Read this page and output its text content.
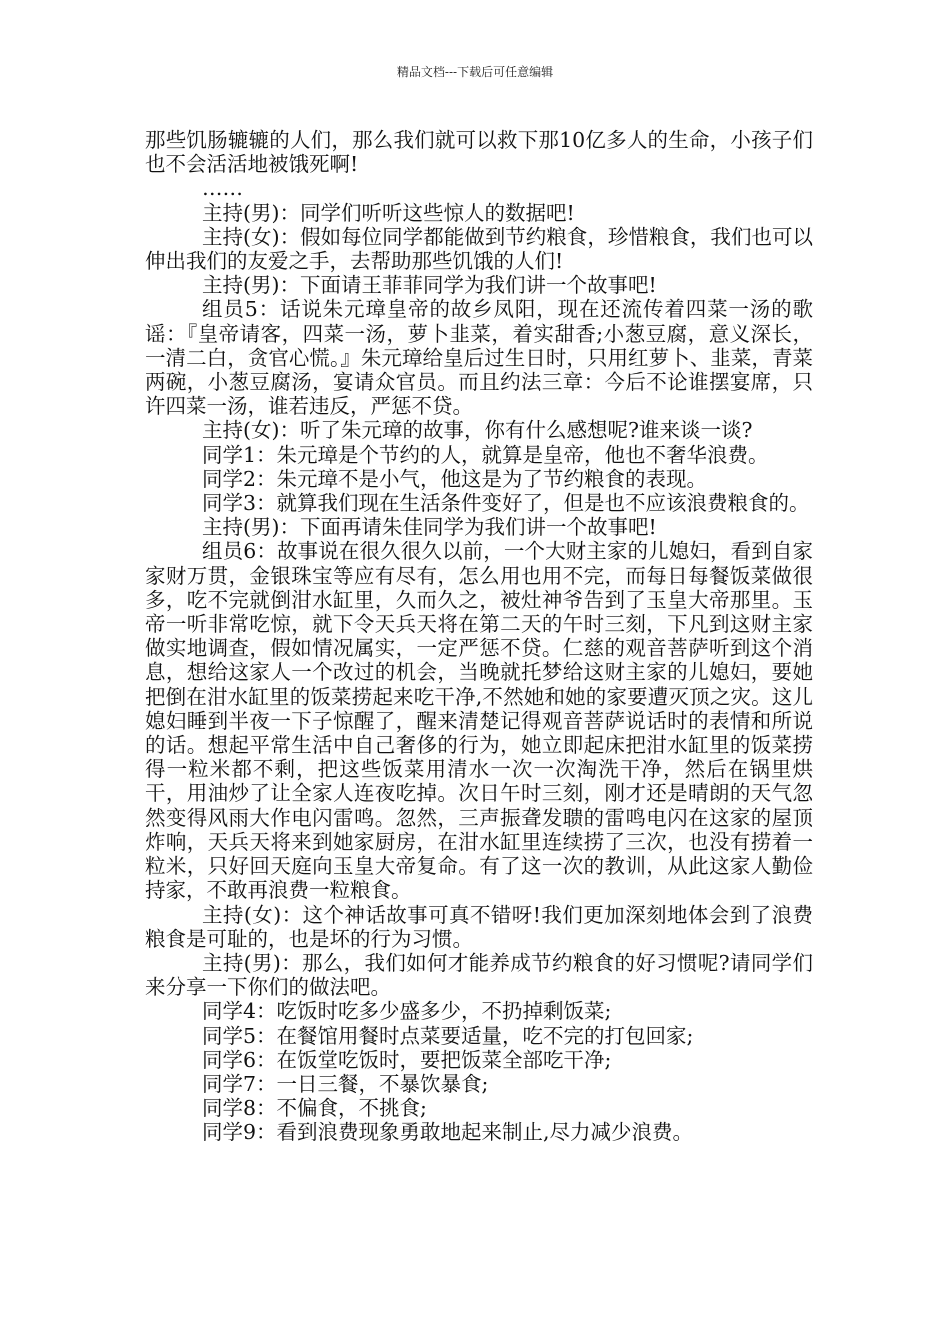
精品文档---下载后可任意编辑

那些饥肠辘辘的人们，那么我们就可以救下那10亿多人的生命，小孩子们也不会活活地被饿死啊!

……

主持(男)：同学们听听这些惊人的数据吧!

主持(女)：假如每位同学都能做到节约粮食，珍惜粮食，我们也可以伸出我们的友爱之手，去帮助那些饥饿的人们!

主持(男)：下面请王菲菲同学为我们讲一个故事吧!

组员5：话说朱元璋皇帝的故乡凤阳，现在还流传着四菜一汤的歌谣：『皇帝请客，四菜一汤，萝卜韭菜，着实甜香;小葱豆腐，意义深长，一清二白，贪官心慌。』朱元璋给皇后过生日时，只用红萝卜、韭菜，青菜两碗，小葱豆腐汤，宴请众官员。而且约法三章：今后不论谁摆宴席，只许四菜一汤，谁若违反，严惩不贷。

主持(女)：听了朱元璋的故事，你有什么感想呢?谁来谈一谈?

同学1：朱元璋是个节约的人，就算是皇帝，他也不奢华浪费。

同学2：朱元璋不是小气，他这是为了节约粮食的表现。

同学3：就算我们现在生活条件变好了，但是也不应该浪费粮食的。

主持(男)：下面再请朱佳同学为我们讲一个故事吧!

组员6：故事说在很久很久以前，一个大财主家的儿媳妇，看到自家家财万贯，金银珠宝等应有尽有，怎么用也用不完，而每日每餐饭菜做很多，吃不完就倒泔水缸里，久而久之，被灶神爷告到了玉皇大帝那里。玉帝一听非常吃惊，就下令天兵天将在第二天的午时三刻，下凡到这财主家做实地调查，假如情况属实，一定严惩不贷。仁慈的观音菩萨听到这个消息，想给这家人一个改过的机会，当晚就托梦给这财主家的儿媳妇，要她把倒在泔水缸里的饭菜捞起来吃干净,不然她和她的家要遭灭顶之灾。这儿媳妇睡到半夜一下子惊醒了，醒来清楚记得观音菩萨说话时的表情和所说的话。想起平常生活中自己奢侈的行为，她立即起床把泔水缸里的饭菜捞得一粒米都不剩，把这些饭菜用清水一次一次淘洗干净，然后在锅里烘干，用油炒了让全家人连夜吃掉。次日午时三刻，刚才还是晴朗的天气忽然变得风雨大作电闪雷鸣。忽然，三声振聋发聩的雷鸣电闪在这家的屋顶炸响，天兵天将来到她家厨房，在泔水缸里连续捞了三次，也没有捞着一粒米，只好回天庭向玉皇大帝复命。有了这一次的教训，从此这家人勤俭持家，不敢再浪费一粒粮食。

主持(女)：这个神话故事可真不错呀!我们更加深刻地体会到了浪费粮食是可耻的，也是坏的行为习惯。

主持(男)：那么，我们如何才能养成节约粮食的好习惯呢?请同学们来分享一下你们的做法吧。

同学4：吃饭时吃多少盛多少，不扔掉剩饭菜;

同学5：在餐馆用餐时点菜要适量，吃不完的打包回家;

同学6：在饭堂吃饭时，要把饭菜全部吃干净;

同学7：一日三餐，不暴饮暴食;

同学8：不偏食，不挑食;

同学9：看到浪费现象勇敢地起来制止,尽力减少浪费。
